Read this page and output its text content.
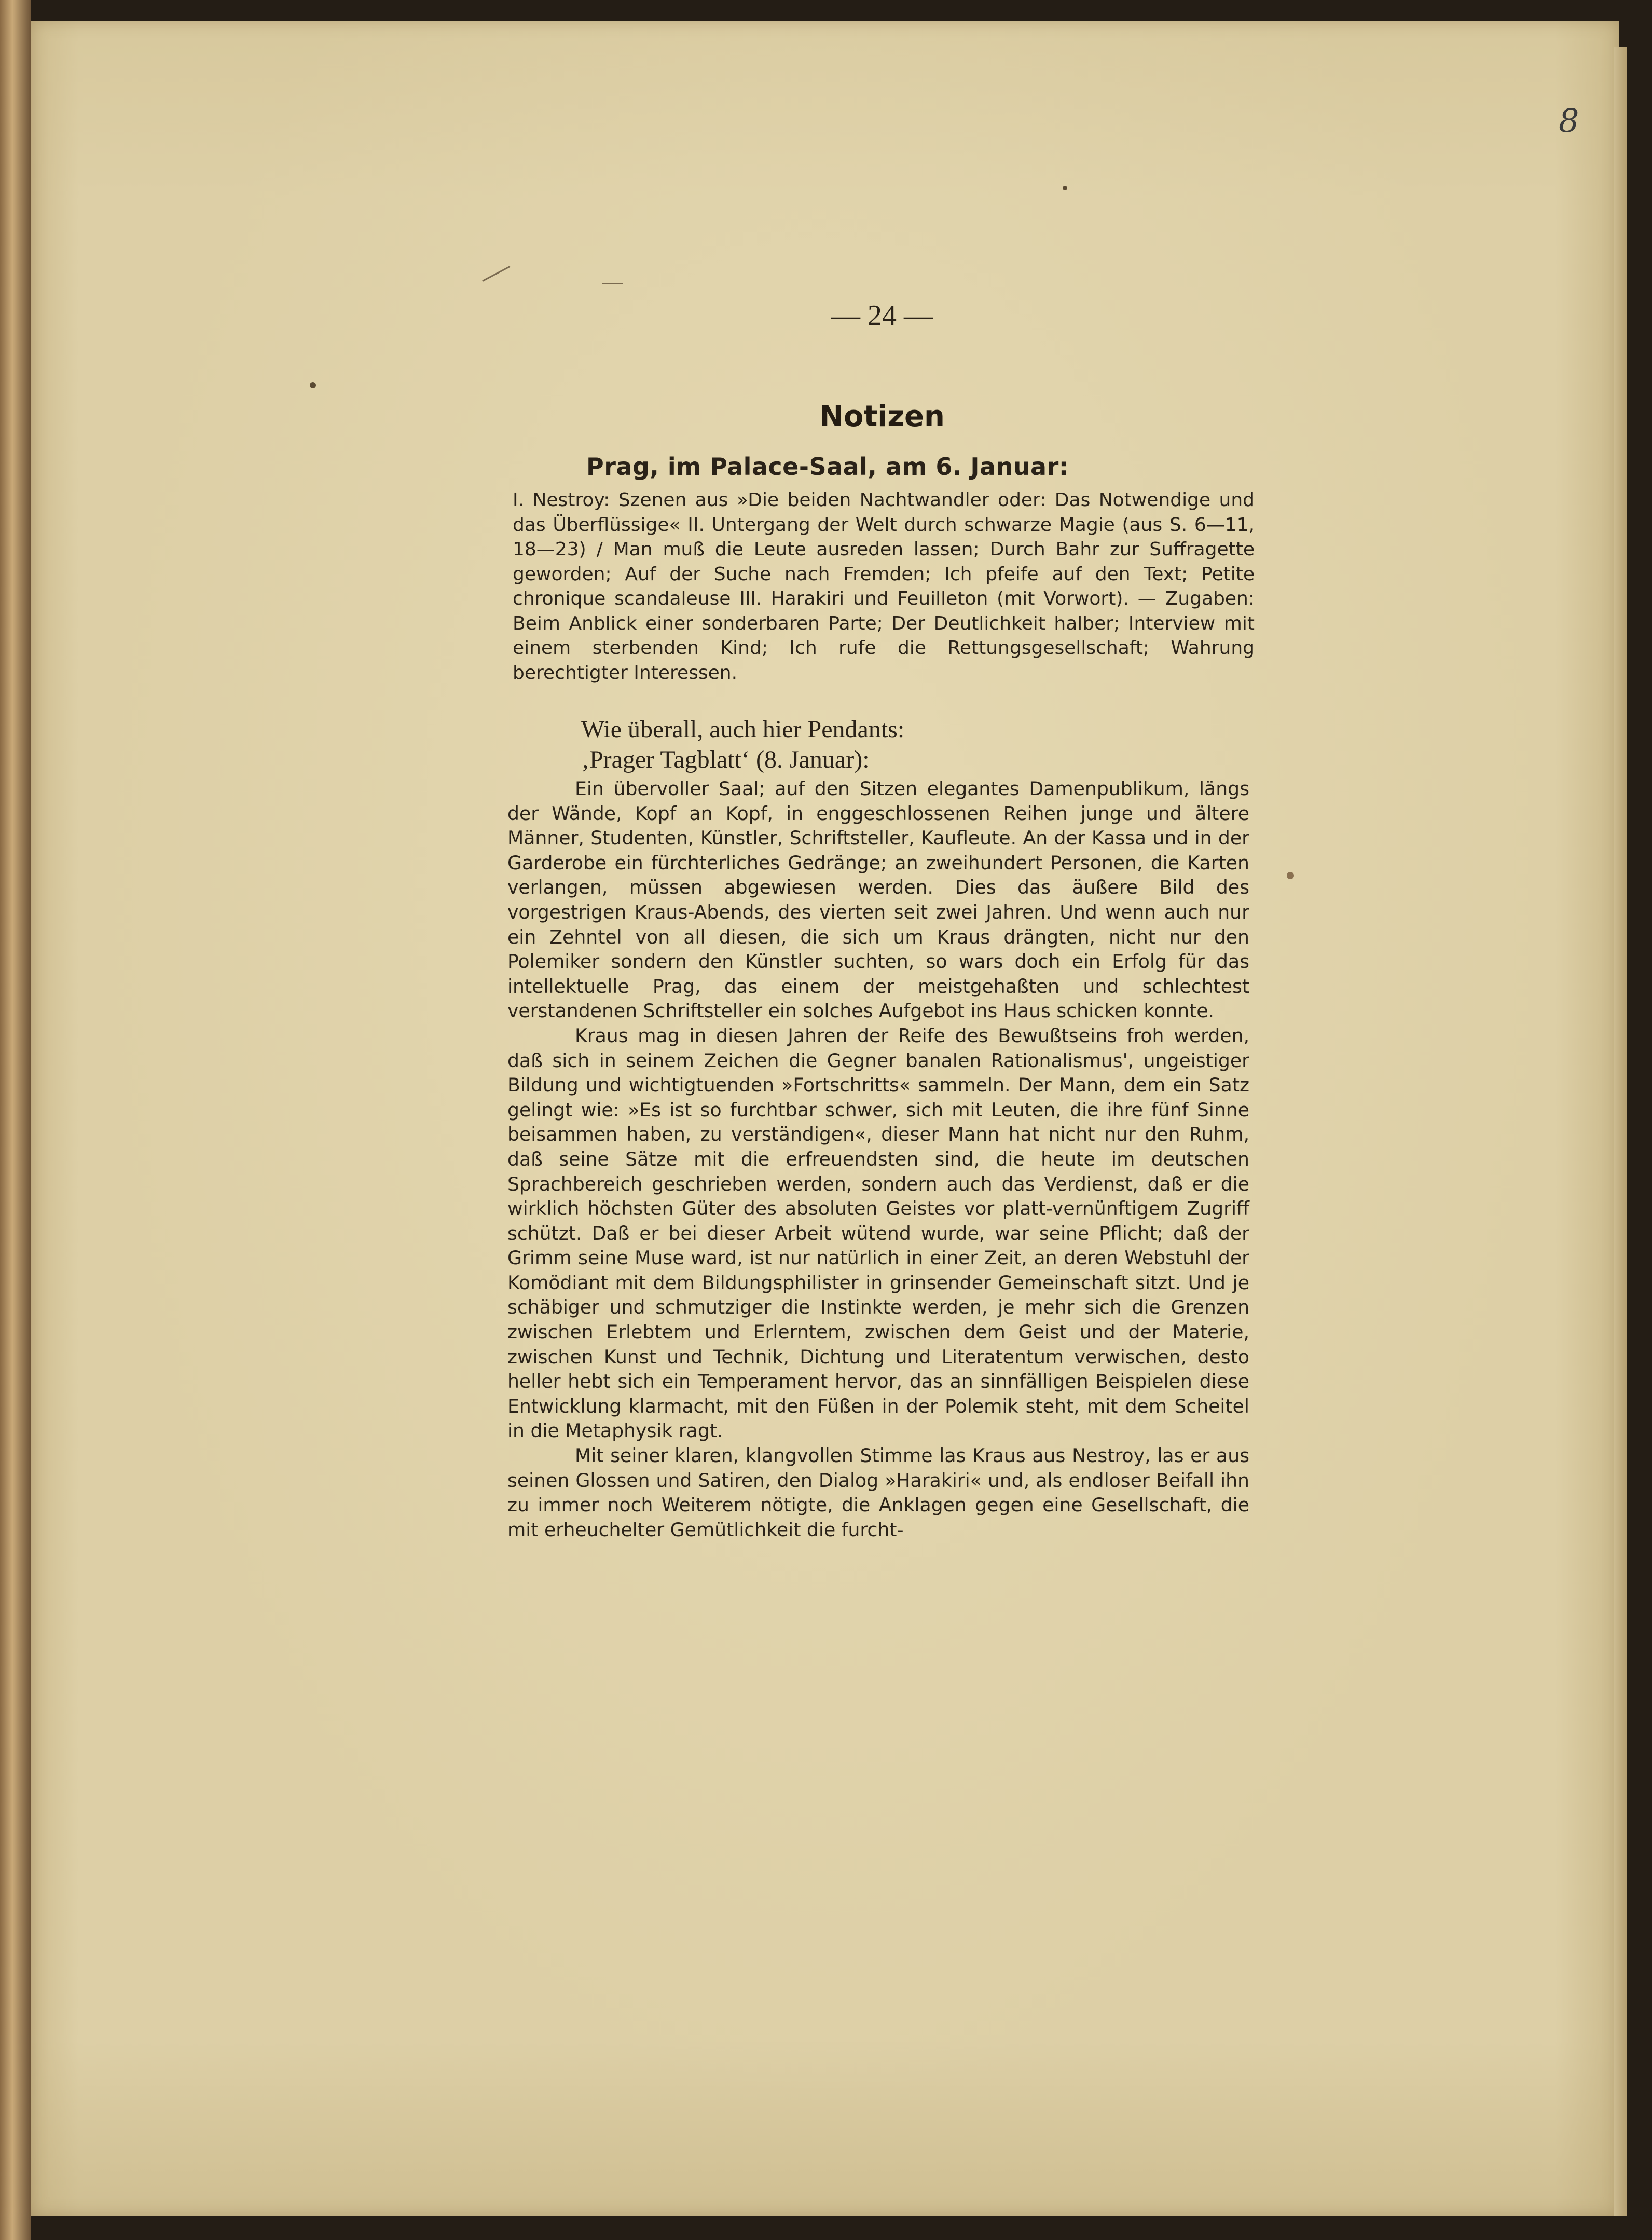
8

— 24 —

Notizen

Prag, im Palace-Saal, am 6. Januar:

I. Nestroy: Szenen aus »Die beiden Nachtwandler oder: Das Notwendige und das Überflüssige« II. Untergang der Welt durch schwarze Magie (aus S. 6—11, 18—23) / Man muß die Leute ausreden lassen; Durch Bahr zur Suffragette geworden; Auf der Suche nach Fremden; Ich pfeife auf den Text; Petite chronique scandaleuse III. Harakiri und Feuilleton (mit Vorwort). — Zugaben: Beim Anblick einer sonderbaren Parte; Der Deutlichkeit halber; Interview mit einem sterbenden Kind; Ich rufe die Rettungsgesellschaft; Wahrung berechtigter Interessen.

Wie überall, auch hier Pendants:

‚Prager Tagblatt‘ (8. Januar):

Ein übervoller Saal; auf den Sitzen elegantes Damenpublikum, längs der Wände, Kopf an Kopf, in enggeschlossenen Reihen junge und ältere Männer, Studenten, Künstler, Schriftsteller, Kaufleute. An der Kassa und in der Garderobe ein fürchterliches Gedränge; an zweihundert Personen, die Karten verlangen, müssen abgewiesen werden. Dies das äußere Bild des vorgestrigen Kraus-Abends, des vierten seit zwei Jahren. Und wenn auch nur ein Zehntel von all diesen, die sich um Kraus drängten, nicht nur den Polemiker sondern den Künstler suchten, so wars doch ein Erfolg für das intellektuelle Prag, das einem der meistgehaßten und schlechtest verstandenen Schriftsteller ein solches Aufgebot ins Haus schicken konnte.

Kraus mag in diesen Jahren der Reife des Bewußtseins froh werden, daß sich in seinem Zeichen die Gegner banalen Rationalismus', ungeistiger Bildung und wichtigtuenden »Fortschritts« sammeln. Der Mann, dem ein Satz gelingt wie: »Es ist so furchtbar schwer, sich mit Leuten, die ihre fünf Sinne beisammen haben, zu verständigen«, dieser Mann hat nicht nur den Ruhm, daß seine Sätze mit die erfreuendsten sind, die heute im deutschen Sprachbereich geschrieben werden, sondern auch das Verdienst, daß er die wirklich höchsten Güter des absoluten Geistes vor platt-vernünftigem Zugriff schützt. Daß er bei dieser Arbeit wütend wurde, war seine Pflicht; daß der Grimm seine Muse ward, ist nur natürlich in einer Zeit, an deren Webstuhl der Komödiant mit dem Bildungsphilister in grinsender Gemeinschaft sitzt. Und je schäbiger und schmutziger die Instinkte werden, je mehr sich die Grenzen zwischen Erlebtem und Erlerntem, zwischen dem Geist und der Materie, zwischen Kunst und Technik, Dichtung und Literatentum verwischen, desto heller hebt sich ein Temperament hervor, das an sinnfälligen Beispielen diese Entwicklung klarmacht, mit den Füßen in der Polemik steht, mit dem Scheitel in die Metaphysik ragt.

Mit seiner klaren, klangvollen Stimme las Kraus aus Nestroy, las er aus seinen Glossen und Satiren, den Dialog »Harakiri« und, als endloser Beifall ihn zu immer noch Weiterem nötigte, die Anklagen gegen eine Gesellschaft, die mit erheuchelter Gemütlichkeit die furcht-
